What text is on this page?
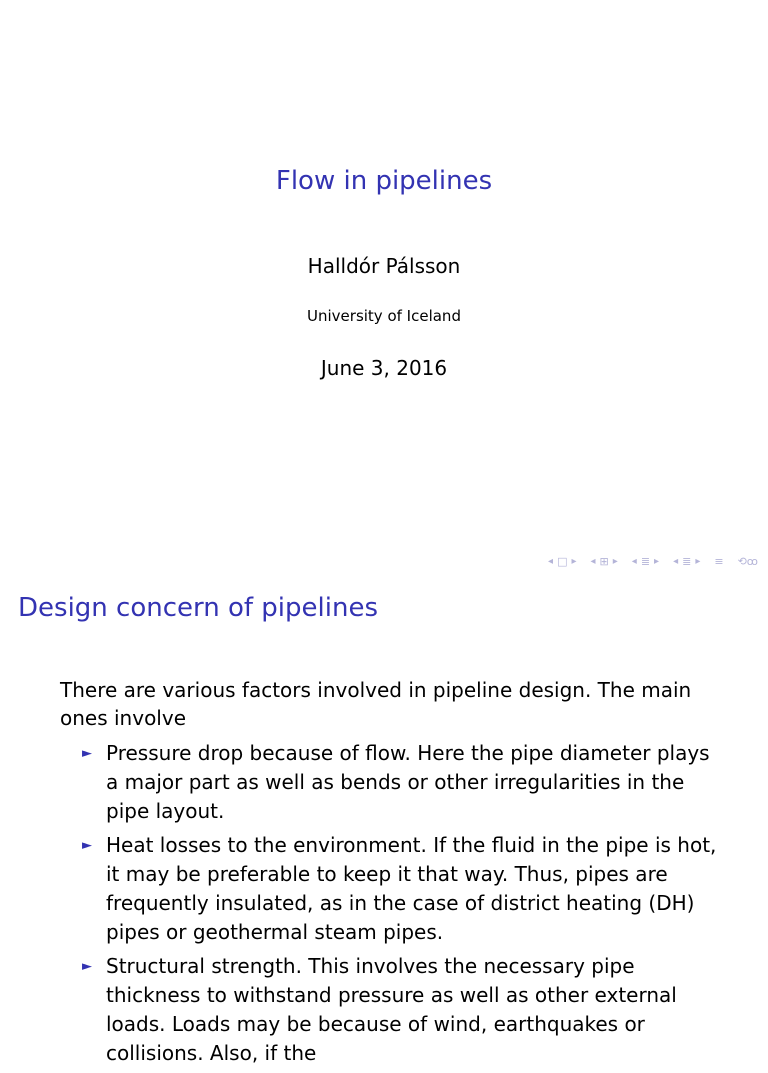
Flow in pipelines
Halldór Pálsson
University of Iceland
June 3, 2016
◂ □ ▸ ◂ ⊞ ▸ ◂ ≣ ▸ ◂ ≣ ▸ ≡ ⟲ꝏ
Design concern of pipelines
There are various factors involved in pipeline design. The main ones involve
► Pressure drop because of flow. Here the pipe diameter plays a major part as well as bends or other irregularities in the pipe layout.
► Heat losses to the environment. If the fluid in the pipe is hot, it may be preferable to keep it that way. Thus, pipes are frequently insulated, as in the case of district heating (DH) pipes or geothermal steam pipes.
► Structural strength. This involves the necessary pipe thickness to withstand pressure as well as other external loads. Loads may be because of wind, earthquakes or collisions. Also, if the
